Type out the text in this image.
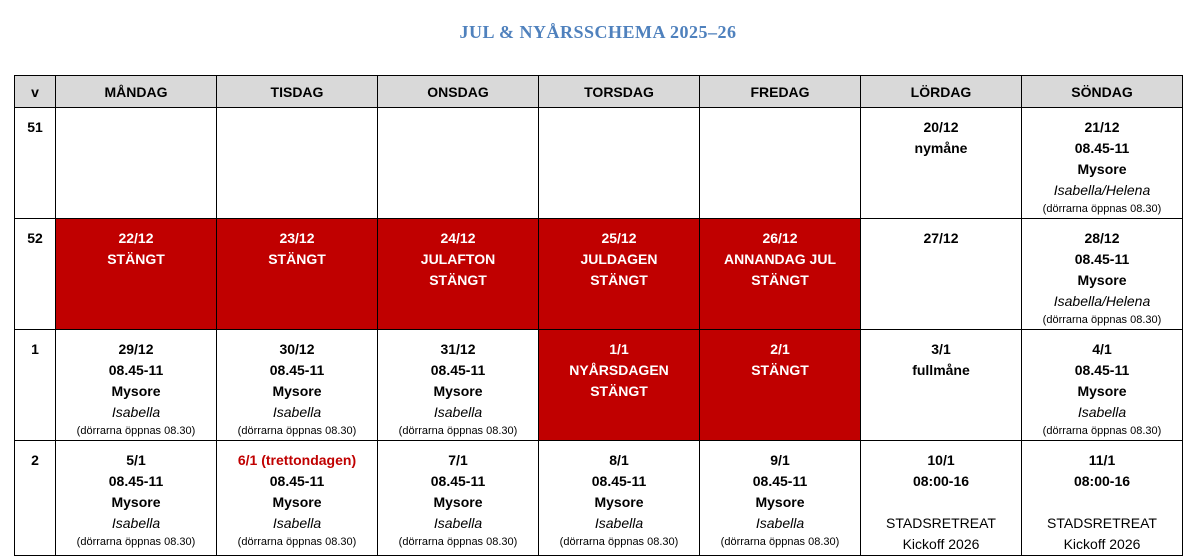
JUL & NYÅRSSCHEMA 2025–26
v	MÅNDAG	TISDAG	ONSDAG	TORSDAG	FREDAG	LÖRDAG	SÖNDAG

51						20/12
nymåne	21/12
08.45-11
Mysore
Isabella/Helena
(dörrarna öppnas 08.30)

52	22/12
STÄNGT	23/12
STÄNGT	24/12
JULAFTON
STÄNGT	25/12
JULDAGEN
STÄNGT	26/12
ANNANDAG JUL
STÄNGT	27/12	28/12
08.45-11
Mysore
Isabella/Helena
(dörrarna öppnas 08.30)

1	29/12
08.45-11
Mysore
Isabella
(dörrarna öppnas 08.30)	30/12
08.45-11
Mysore
Isabella
(dörrarna öppnas 08.30)	31/12
08.45-11
Mysore
Isabella
(dörrarna öppnas 08.30)	1/1
NYÅRSDAGEN
STÄNGT	2/1
STÄNGT	3/1
fullmåne	4/1
08.45-11
Mysore
Isabella
(dörrarna öppnas 08.30)

2	5/1
08.45-11
Mysore
Isabella
(dörrarna öppnas 08.30)	6/1 (trettondagen)
08.45-11
Mysore
Isabella
(dörrarna öppnas 08.30)	7/1
08.45-11
Mysore
Isabella
(dörrarna öppnas 08.30)	8/1
08.45-11
Mysore
Isabella
(dörrarna öppnas 08.30)	9/1
08.45-11
Mysore
Isabella
(dörrarna öppnas 08.30)	10/1
08:00-16
STADSRETREAT
Kickoff 2026	11/1
08:00-16
STADSRETREAT
Kickoff 2026
